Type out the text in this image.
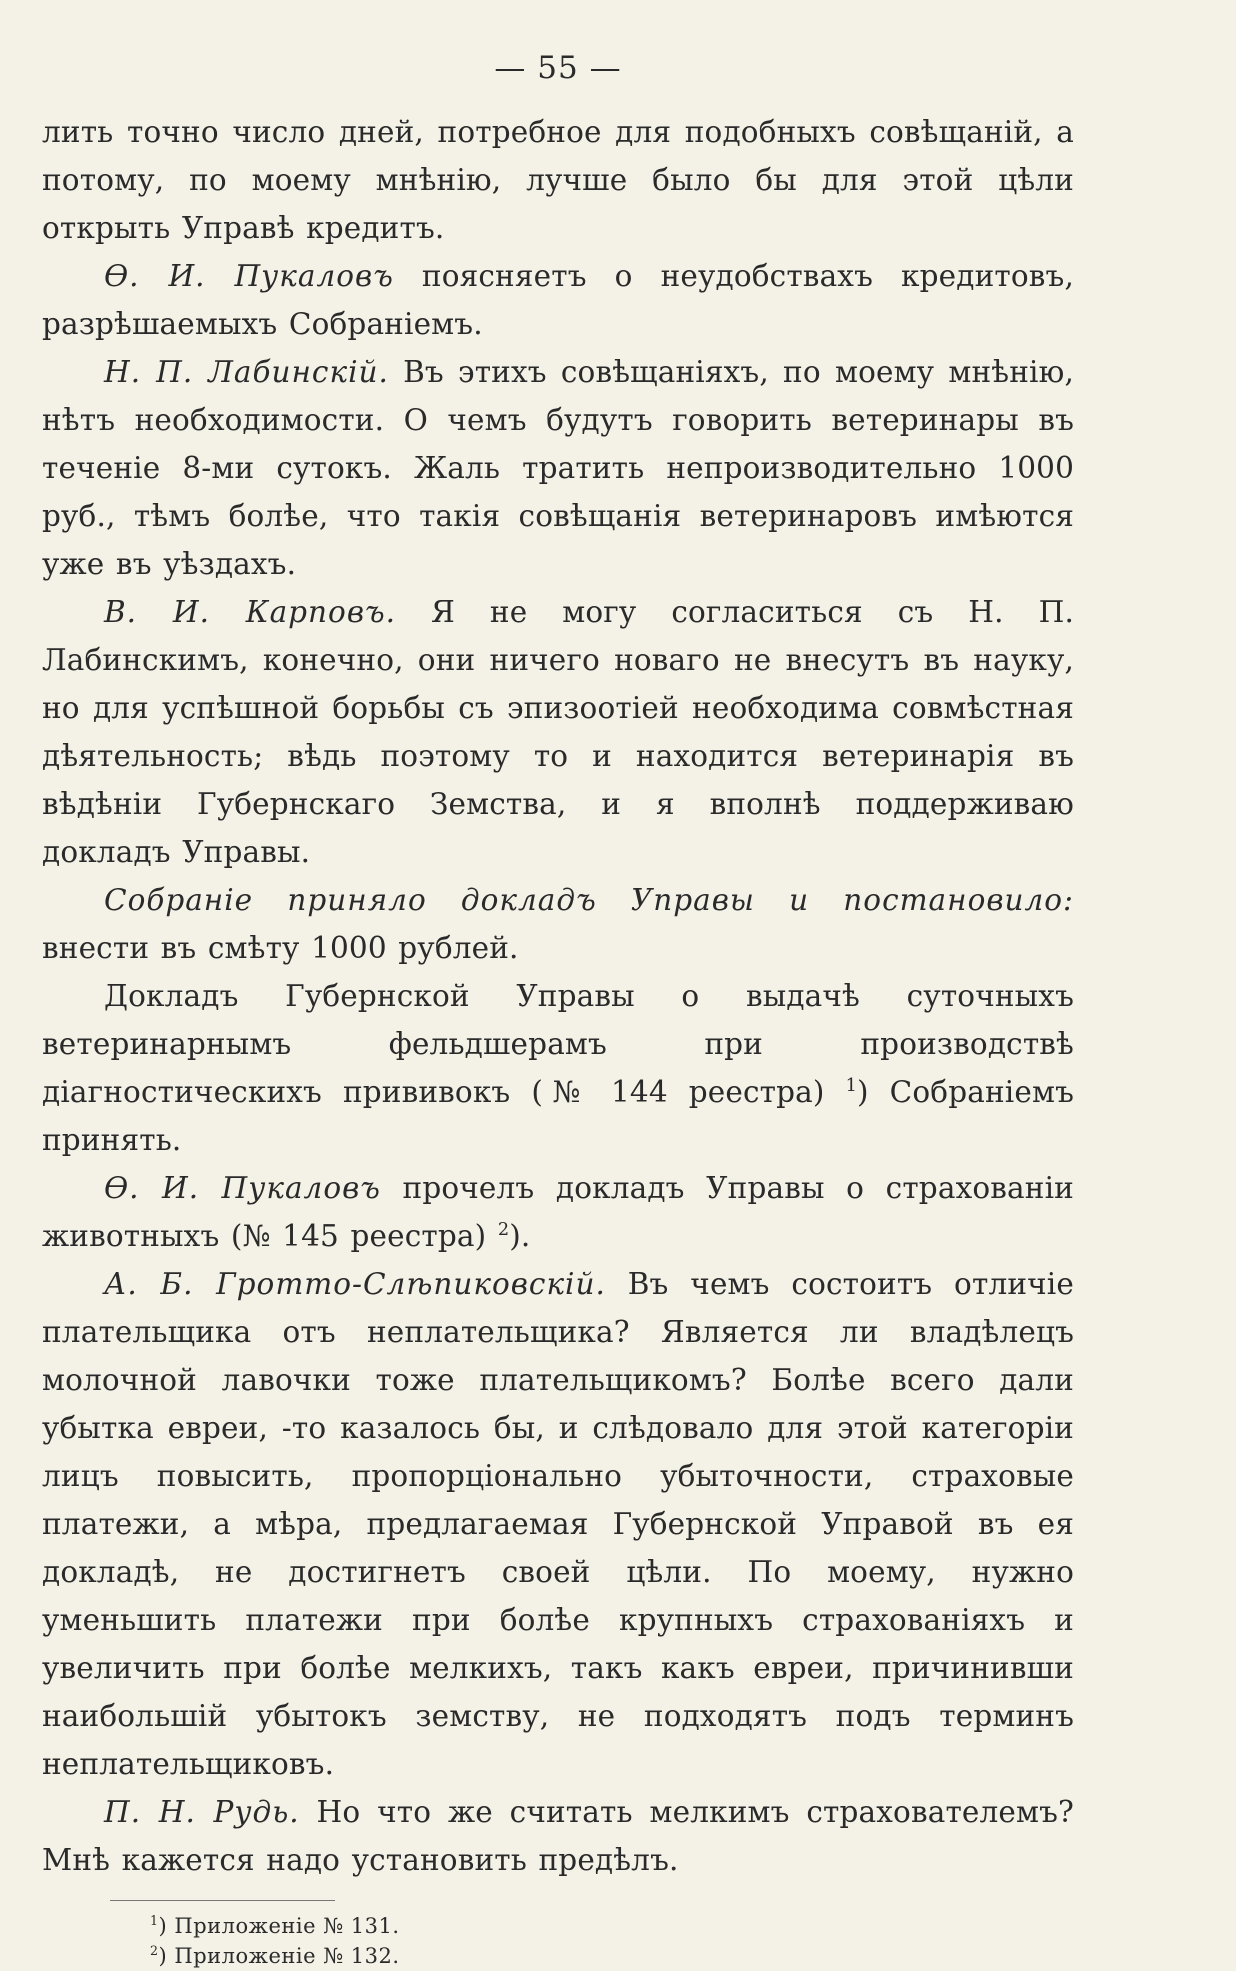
— 55 —

лить точно число дней, потребное для подобныхъ совѣщаній, а потому, по моему мнѣнію, лучше было бы для этой цѣли открыть Управѣ кредитъ.

Ѳ. И. Пукаловъ поясняетъ о неудобствахъ кредитовъ, разрѣшаемыхъ Собраніемъ.

Н. П. Лабинскій. Въ этихъ совѣщаніяхъ, по моему мнѣнію, нѣтъ необходимости. О чемъ будутъ говорить ветеринары въ теченіе 8-ми сутокъ. Жаль тратить непроизводительно 1000 руб., тѣмъ болѣе, что такія совѣщанія ветеринаровъ имѣются уже въ уѣздахъ.

В. И. Карповъ. Я не могу согласиться съ Н. П. Лабинскимъ, конечно, они ничего новаго не внесутъ въ науку, но для успѣшной борьбы съ эпизоотіей необходима совмѣстная дѣятельность; вѣдь поэтому то и находится ветеринарія въ вѣдѣніи Губернскаго Земства, и я вполнѣ поддерживаю докладъ Управы.

Собраніе приняло докладъ Управы и постановило: внести въ смѣту 1000 рублей.

Докладъ Губернской Управы о выдачѣ суточныхъ ветеринарнымъ фельдшерамъ при производствѣ діагностическихъ прививокъ (№ 144 реестра) $^1$) Собраніемъ принять.

Ѳ. И. Пукаловъ прочелъ докладъ Управы о страхованіи животныхъ (№ 145 реестра) $^2$).

А. Б. Гротто-Слѣпиковскій. Въ чемъ состоитъ отличіе плательщика отъ неплательщика? Является ли владѣлецъ молочной лавочки тоже плательщикомъ? Болѣе всего дали убытка евреи, -то казалось бы, и слѣдовало для этой категоріи лицъ повысить, пропорціонально убыточности, страховые платежи, а мѣра, предлагаемая Губернской Управой въ ея докладѣ, не достигнетъ своей цѣли. По моему, нужно уменьшить платежи при болѣе крупныхъ страхованіяхъ и увеличить при болѣе мелкихъ, такъ какъ евреи, причинивши наибольшій убытокъ земству, не подходятъ подъ терминъ неплательщиковъ.

П. Н. Рудь. Но что же считать мелкимъ страхователемъ? Мнѣ кажется надо установить предѣлъ.

$^1$) Приложеніе № 131.
$^2$) Приложеніе № 132.
